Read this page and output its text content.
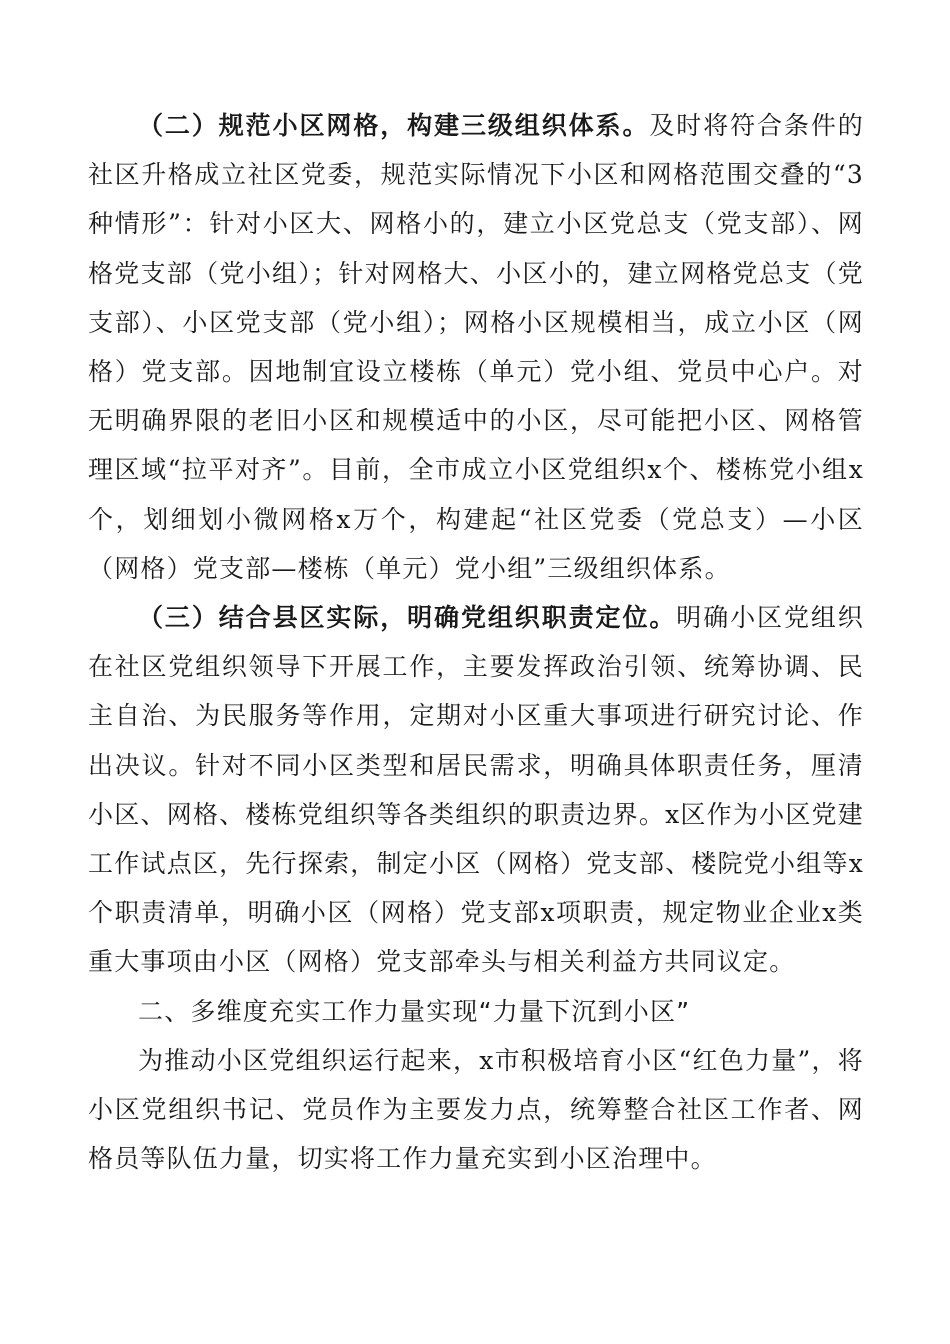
（二）规范小区网格，构建三级组织体系。及时将符合条件的社区升格成立社区党委，规范实际情况下小区和网格范围交叠的“3种情形”：针对小区大、网格小的，建立小区党总支（党支部）、网格党支部（党小组）；针对网格大、小区小的，建立网格党总支（党支部）、小区党支部（党小组）；网格小区规模相当，成立小区（网格）党支部。因地制宜设立楼栋（单元）党小组、党员中心户。对无明确界限的老旧小区和规模适中的小区，尽可能把小区、网格管理区域“拉平对齐”。目前，全市成立小区党组织x个、楼栋党小组x个，划细划小微网格x万个，构建起“社区党委（党总支）—小区（网格）党支部—楼栋（单元）党小组”三级组织体系。

（三）结合县区实际，明确党组织职责定位。明确小区党组织在社区党组织领导下开展工作，主要发挥政治引领、统筹协调、民主自治、为民服务等作用，定期对小区重大事项进行研究讨论、作出决议。针对不同小区类型和居民需求，明确具体职责任务，厘清小区、网格、楼栋党组织等各类组织的职责边界。x区作为小区党建工作试点区，先行探索，制定小区（网格）党支部、楼院党小组等x个职责清单，明确小区（网格）党支部x项职责，规定物业企业x类重大事项由小区（网格）党支部牵头与相关利益方共同议定。

二、多维度充实工作力量实现“力量下沉到小区”

为推动小区党组织运行起来，x市积极培育小区“红色力量”，将小区党组织书记、党员作为主要发力点，统筹整合社区工作者、网格员等队伍力量，切实将工作力量充实到小区治理中。
